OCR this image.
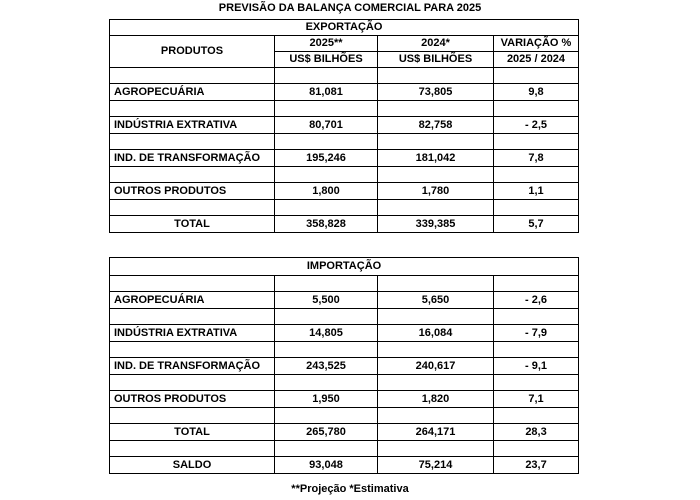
PREVISÃO DA BALANÇA COMERCIAL PARA 2025
EXPORTAÇÃO			
PRODUTOS	2025**	2024*	VARIAÇÃO %
	US$ BILHÕES	US$ BILHÕES	2025 / 2024

AGROPECUÁRIA	81,081	73,805	9,8

INDÚSTRIA EXTRATIVA	80,701	82,758	- 2,5

IND. DE TRANSFORMAÇÃO	195,246	181,042	7,8

OUTROS PRODUTOS	1,800	1,780	1,1

TOTAL	358,828	339,385	5,7
IMPORTAÇÃO			

AGROPECUÁRIA	5,500	5,650	- 2,6

INDÚSTRIA EXTRATIVA	14,805	16,084	- 7,9

IND. DE TRANSFORMAÇÃO	243,525	240,617	- 9,1

OUTROS PRODUTOS	1,950	1,820	7,1

TOTAL	265,780	264,171	28,3

SALDO	93,048	75,214	23,7
**Projeção *Estimativa
